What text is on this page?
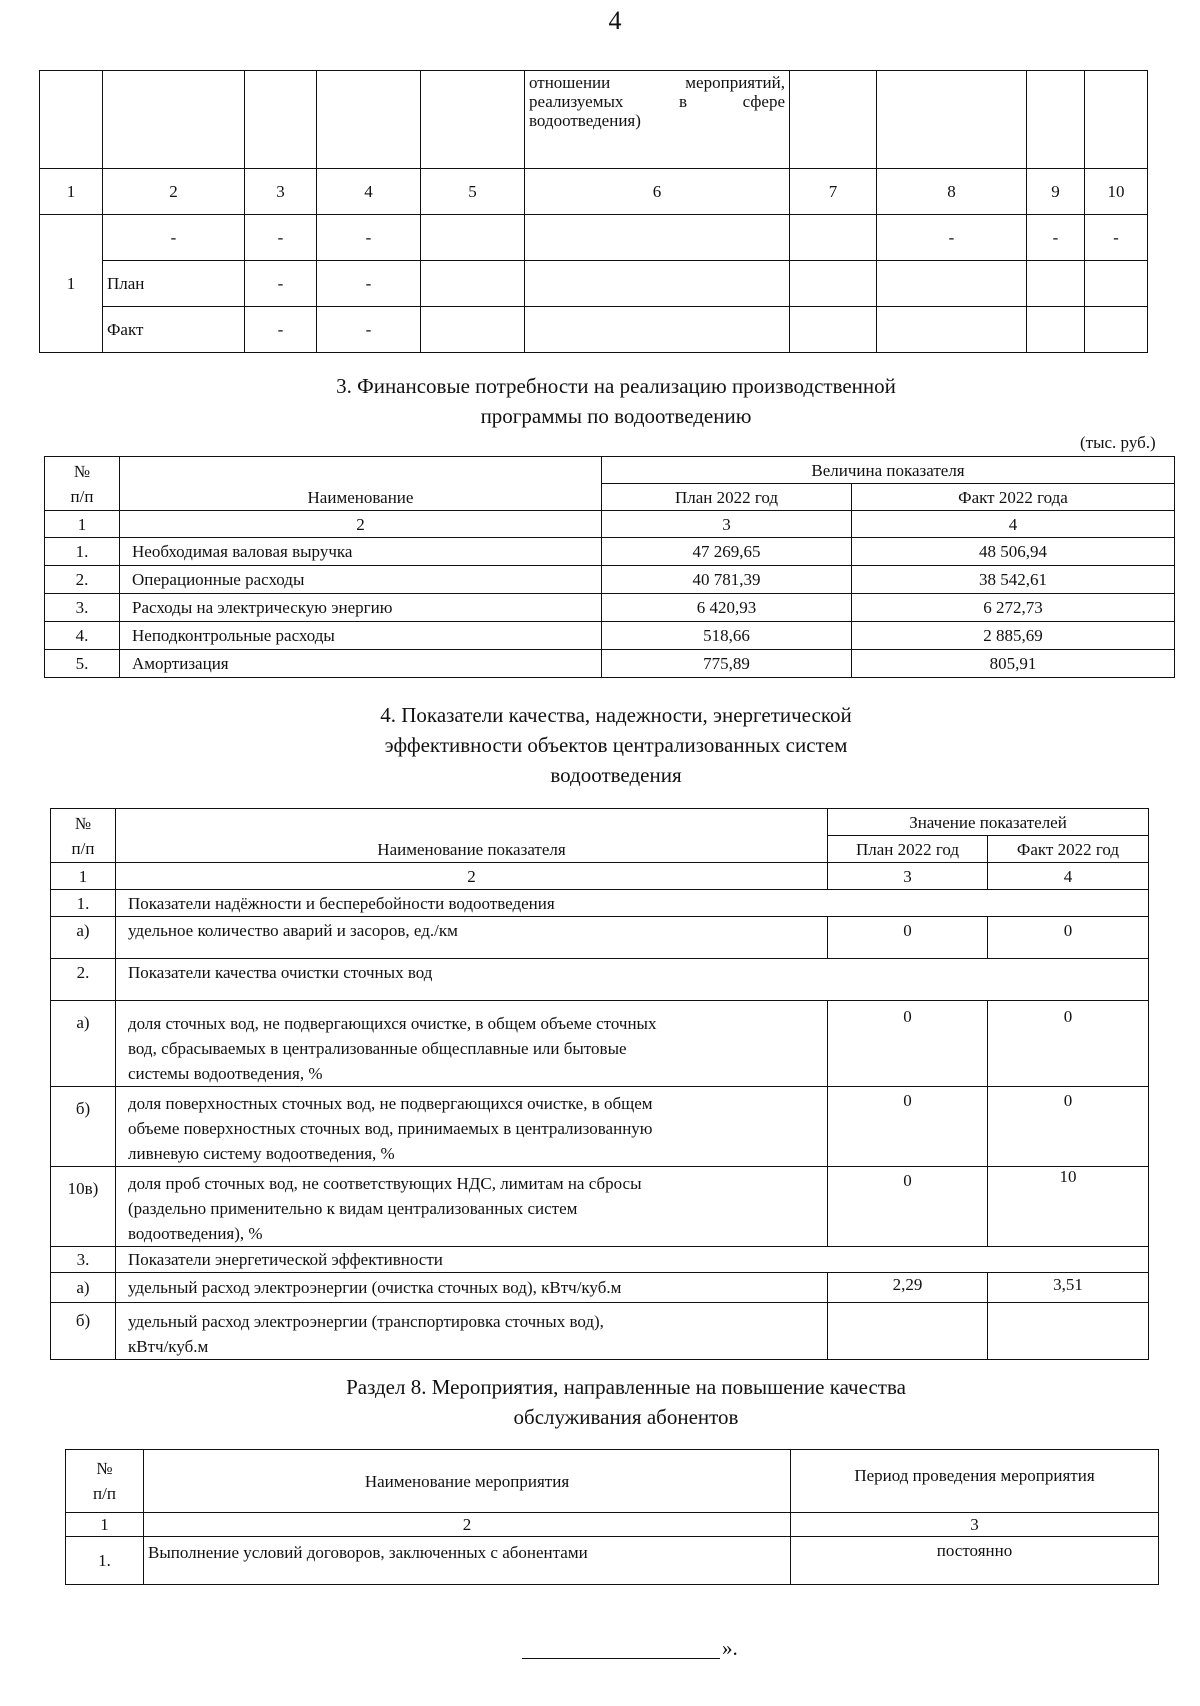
4

					отношении мероприятий,
реализуемых в сфере
водоотведения)				

1	2	3	4	5	6	7	8	9	10
1	-	-	-				-	-	-
	План	-	-						
	Факт	-	-						
3. Финансовые потребности на реализацию производственной
программы по водоотведению
(тыс. руб.)
№
п/п	Наименование	Величина показателя	
		План 2022 год	Факт 2022 года
1	2	3	4
1.	Необходимая валовая выручка	47 269,65	48 506,94
2.	Операционные расходы	40 781,39	38 542,61
3.	Расходы на электрическую энергию	6 420,93	6 272,73
4.	Неподконтрольные расходы	518,66	2 885,69
5.	Амортизация	775,89	805,91
4. Показатели качества, надежности, энергетической
эффективности объектов централизованных систем
водоотведения
№
п/п	Наименование показателя	Значение показателей	
		План 2022 год	Факт 2022 год
1	2	3	4
1.	Показатели надёжности и бесперебойности водоотведения		
а)	удельное количество аварий и засоров, ед./км	0	0
2.	Показатели качества очистки сточных вод		
а)	доля сточных вод, не подвергающихся очистке, в общем объеме сточных
вод, сбрасываемых в централизованные общесплавные или бытовые
системы водоотведения, %	0	0
б)	доля поверхностных сточных вод, не подвергающихся очистке, в общем
объеме поверхностных сточных вод, принимаемых в централизованную
ливневую систему водоотведения, %	0	0
10в)	доля проб сточных вод, не соответствующих НДС, лимитам на сбросы
(раздельно применительно к видам централизованных систем
водоотведения), %	0	10
3.	Показатели энергетической эффективности		
а)	удельный расход электроэнергии (очистка сточных вод), кВтч/куб.м	2,29	3,51
б)	удельный расход электроэнергии (транспортировка сточных вод),
кВтч/куб.м		

Раздел 8. Мероприятия, направленные на повышение качества
обслуживания абонентов
№
п/п	Наименование мероприятия	Период проведения мероприятия
1	2	3
1.	Выполнение условий договоров, заключенных с абонентами	постоянно
».
